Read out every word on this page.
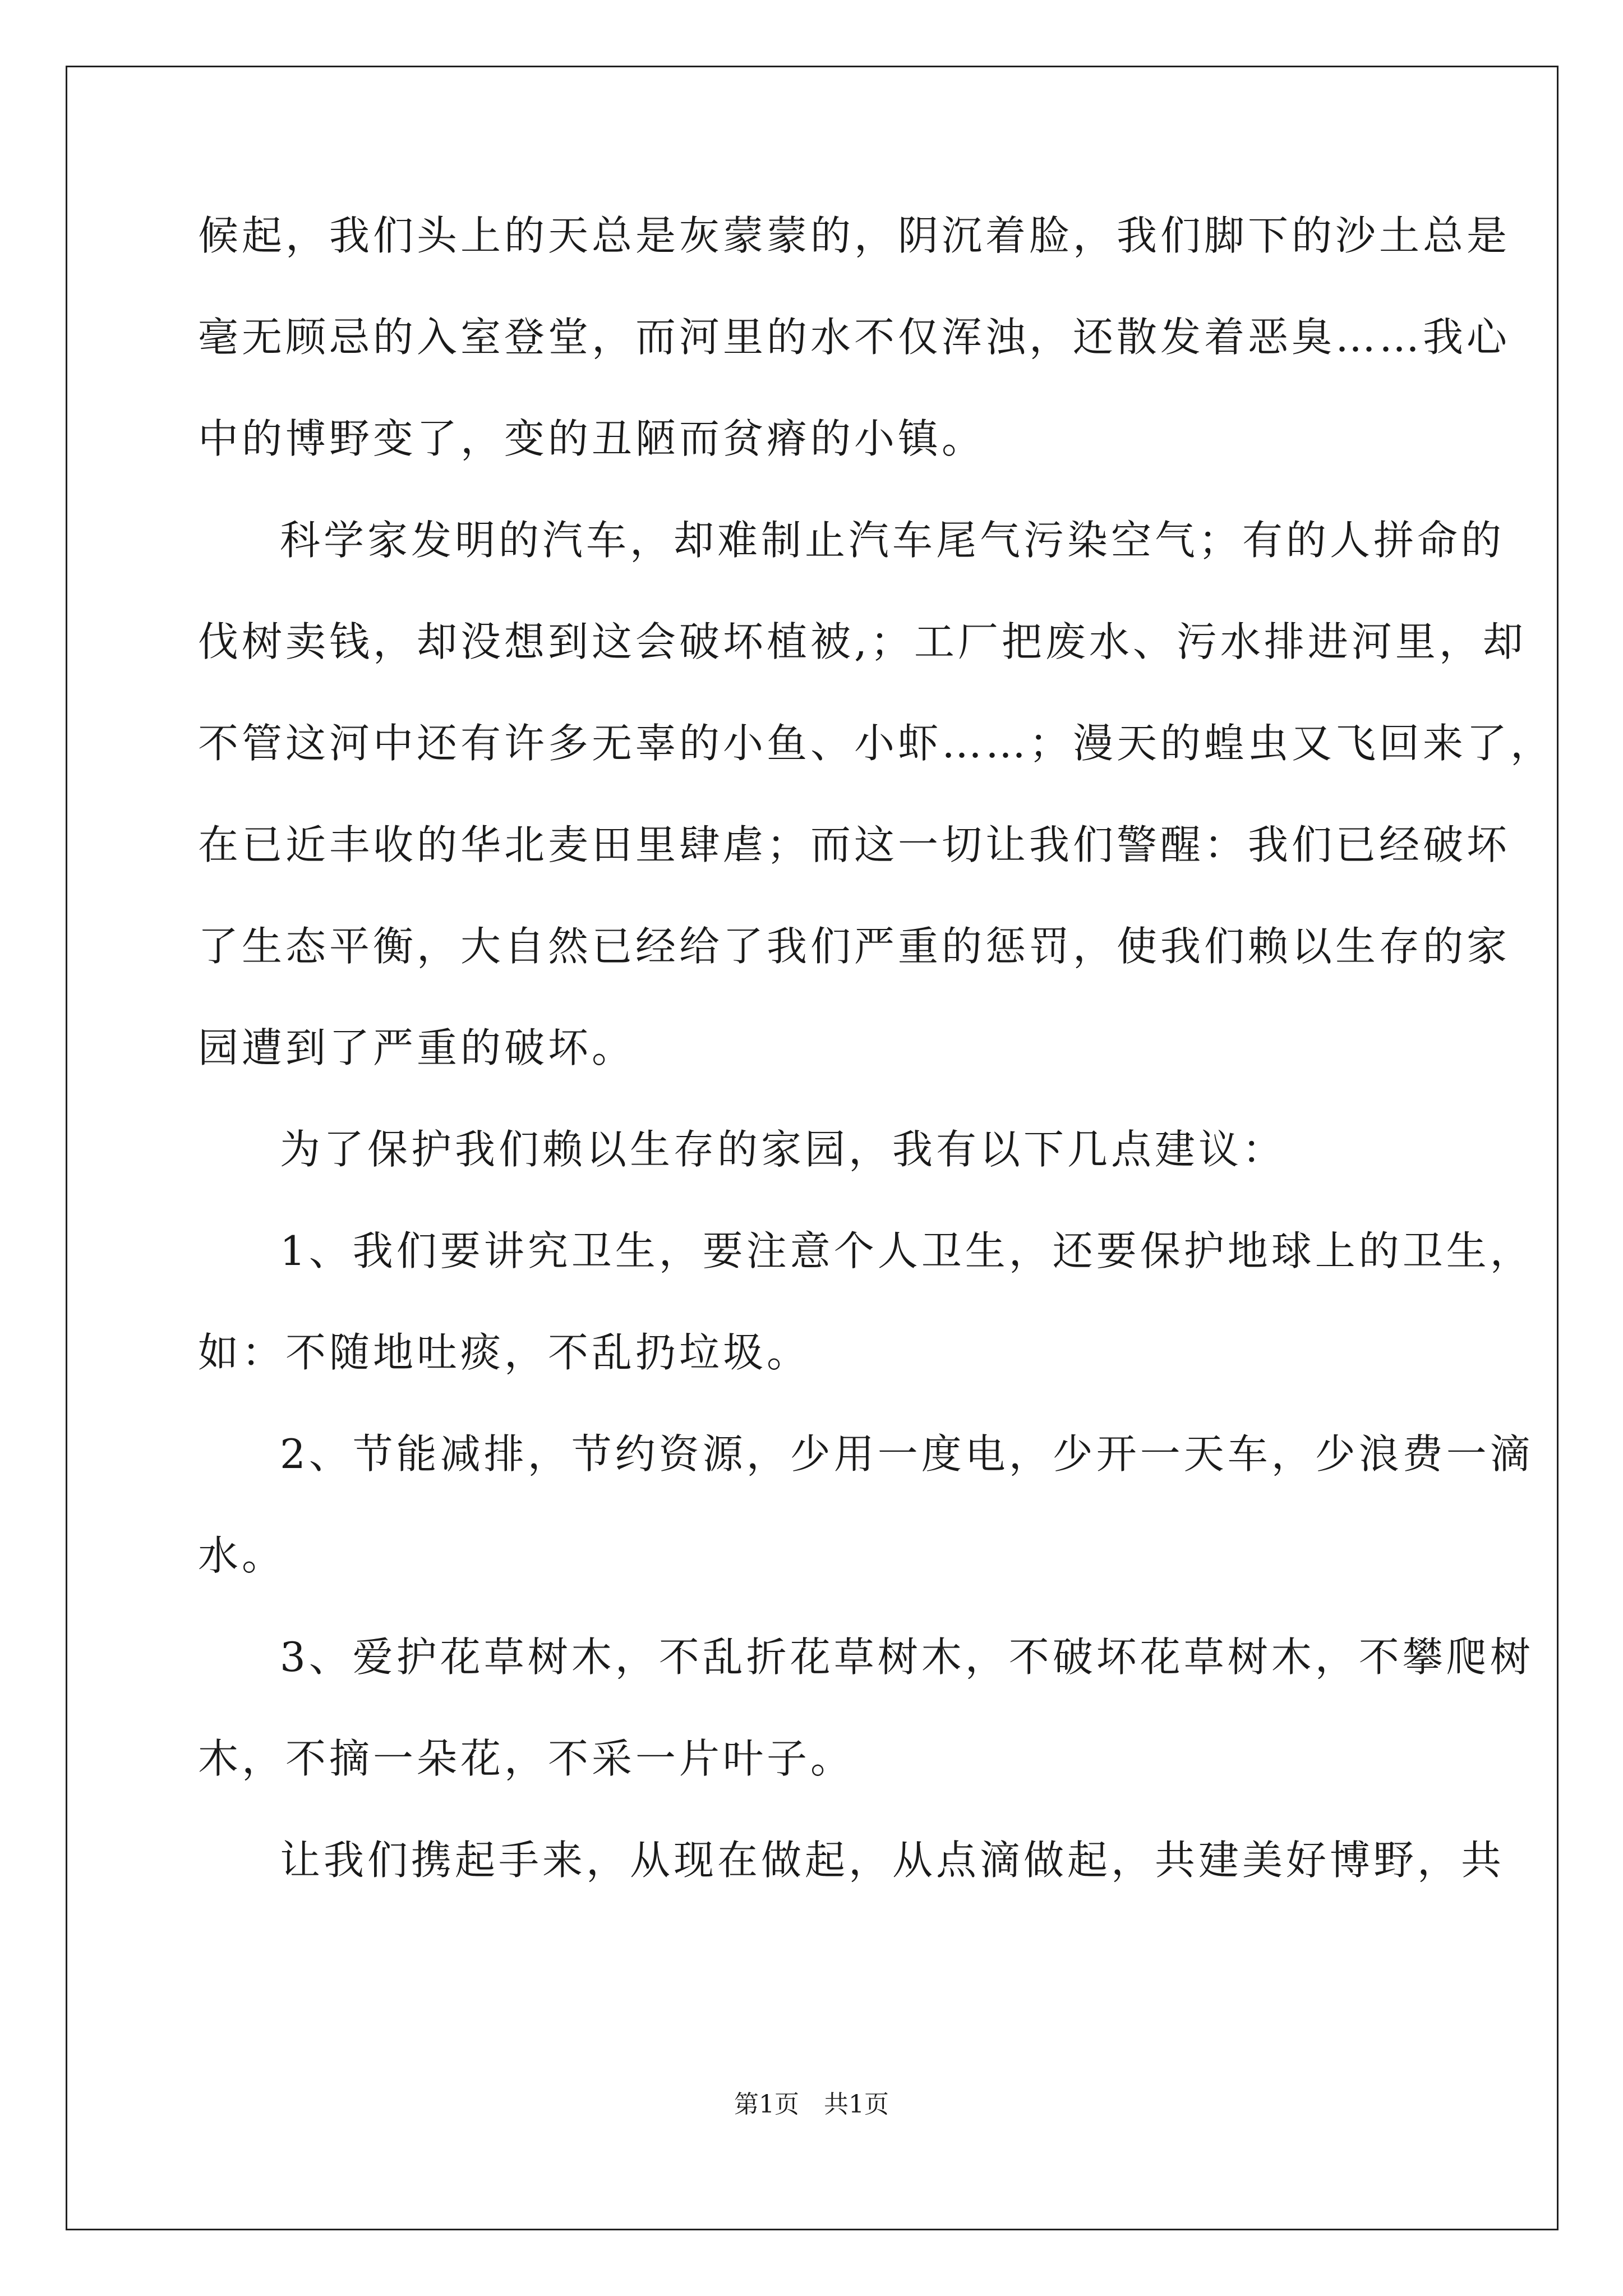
候起，我们头上的天总是灰蒙蒙的，阴沉着脸，我们脚下的沙土总是
毫无顾忌的入室登堂，而河里的水不仅浑浊，还散发着恶臭……我心
中的博野变了，变的丑陋而贫瘠的小镇。
科学家发明的汽车，却难制止汽车尾气污染空气；有的人拼命的
伐树卖钱，却没想到这会破坏植被,；工厂把废水、污水排进河里，却
不管这河中还有许多无辜的小鱼、小虾……；漫天的蝗虫又飞回来了，
在已近丰收的华北麦田里肆虐；而这一切让我们警醒：我们已经破坏
了生态平衡，大自然已经给了我们严重的惩罚，使我们赖以生存的家
园遭到了严重的破坏。
为了保护我们赖以生存的家园，我有以下几点建议：
1、我们要讲究卫生，要注意个人卫生，还要保护地球上的卫生，
如：不随地吐痰，不乱扔垃圾。
2、节能减排，节约资源，少用一度电，少开一天车，少浪费一滴
水。
3、爱护花草树木，不乱折花草树木，不破坏花草树木，不攀爬树
木，不摘一朵花，不采一片叶子。
让我们携起手来，从现在做起，从点滴做起，共建美好博野，共
第1页　共1页
